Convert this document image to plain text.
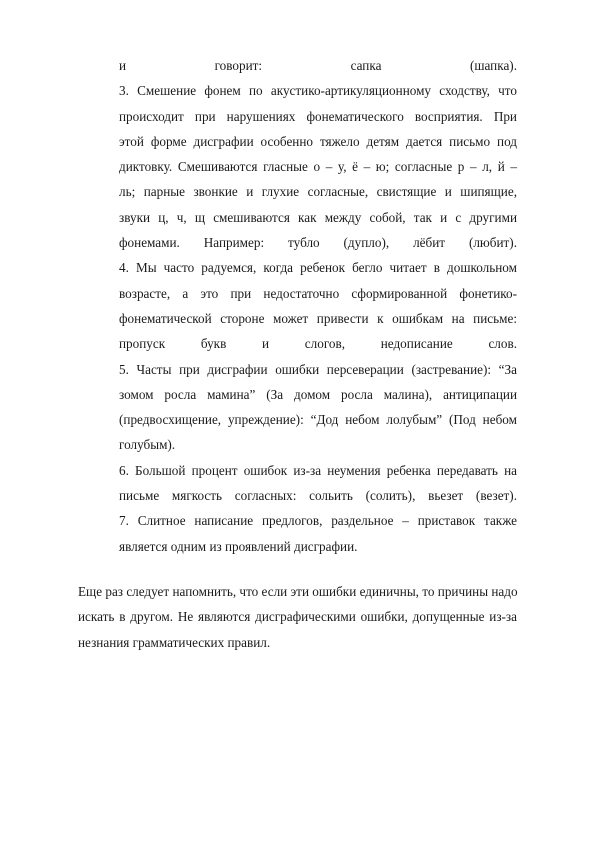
и говорит: сапка (шапка).
3. Смешение фонем по акустико-артикуляционному сходству, что
происходит при нарушениях фонематического восприятия. При
этой форме дисграфии особенно тяжело детям дается письмо под
диктовку. Смешиваются гласные о – у, ё – ю; согласные р – л, й –
ль; парные звонкие и глухие согласные, свистящие и шипящие,
звуки ц, ч, щ смешиваются как между собой, так и с другими
фонемами. Например: тубло (дупло), лёбит (любит).
4. Мы часто радуемся, когда ребенок бегло читает в дошкольном
возрасте, а это при недостаточно сформированной фонетико-
фонематической стороне может привести к ошибкам на письме:
пропуск букв и слогов, недописание слов.
5. Часты при дисграфии ошибки персеверации (застревание): “За
зомом росла мамина” (За домом росла малина), антиципации
(предвосхищение, упреждение): “Дод небом лолубым” (Под небом
голубым).
6. Большой процент ошибок из-за неумения ребенка передавать на
письме мягкость согласных: сольить (солить), вьезет (везет).
7. Слитное написание предлогов, раздельное – приставок также
является одним из проявлений дисграфии.
Еще раз следует напомнить, что если эти ошибки единичны, то причины надо
искать в другом. Не являются дисграфическими ошибки, допущенные из-за
незнания грамматических правил.
